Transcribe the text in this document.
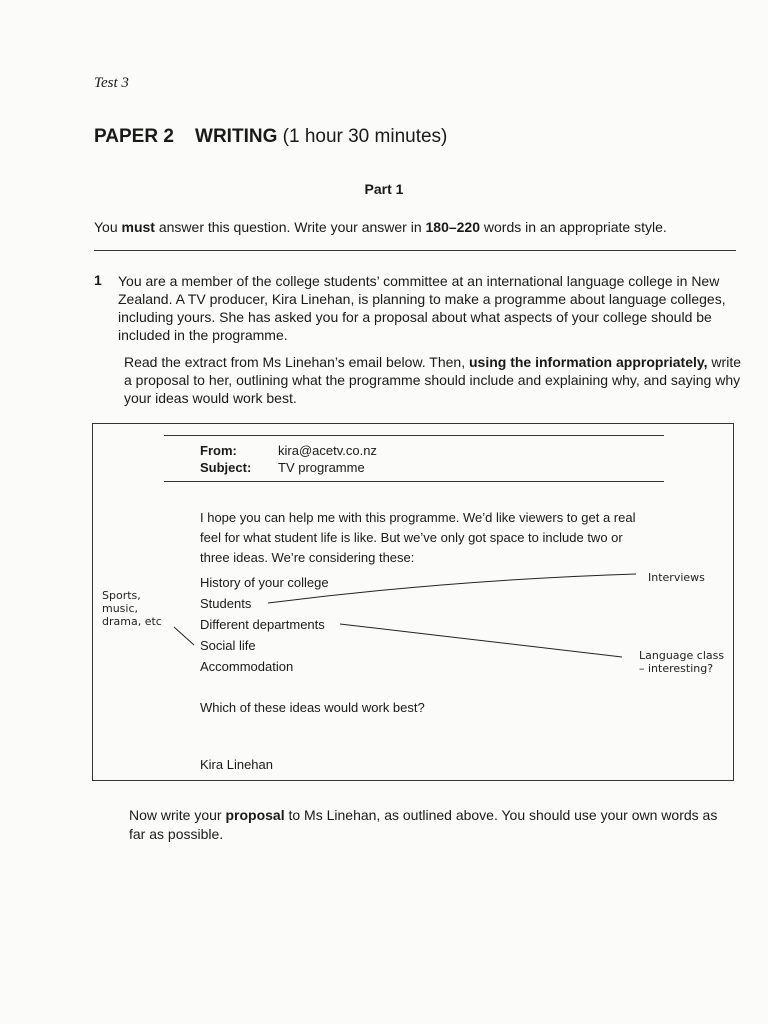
Test 3
PAPER 2 WRITING (1 hour 30 minutes)
Part 1
You must answer this question. Write your answer in 180–220 words in an appropriate style.
1 You are a member of the college students’ committee at an international language college in New Zealand. A TV producer, Kira Linehan, is planning to make a programme about language colleges, including yours. She has asked you for a proposal about what aspects of your college should be included in the programme.
Read the extract from Ms Linehan’s email below. Then, using the information appropriately, write a proposal to her, outlining what the programme should include and explaining why, and saying why your ideas would work best.
From:	kira@acetv.co.nz
Subject: TV programme
I hope you can help me with this programme. We’d like viewers to get a real feel for what student life is like. But we’ve only got space to include two or three ideas. We’re considering these:
History of your college
Students
Different departments
Social life
Accommodation
Which of these ideas would work best?
Kira Linehan
Sports,
music,
drama, etc
Interviews
Language class
– interesting?
Now write your proposal to Ms Linehan, as outlined above. You should use your own words as far as possible.
